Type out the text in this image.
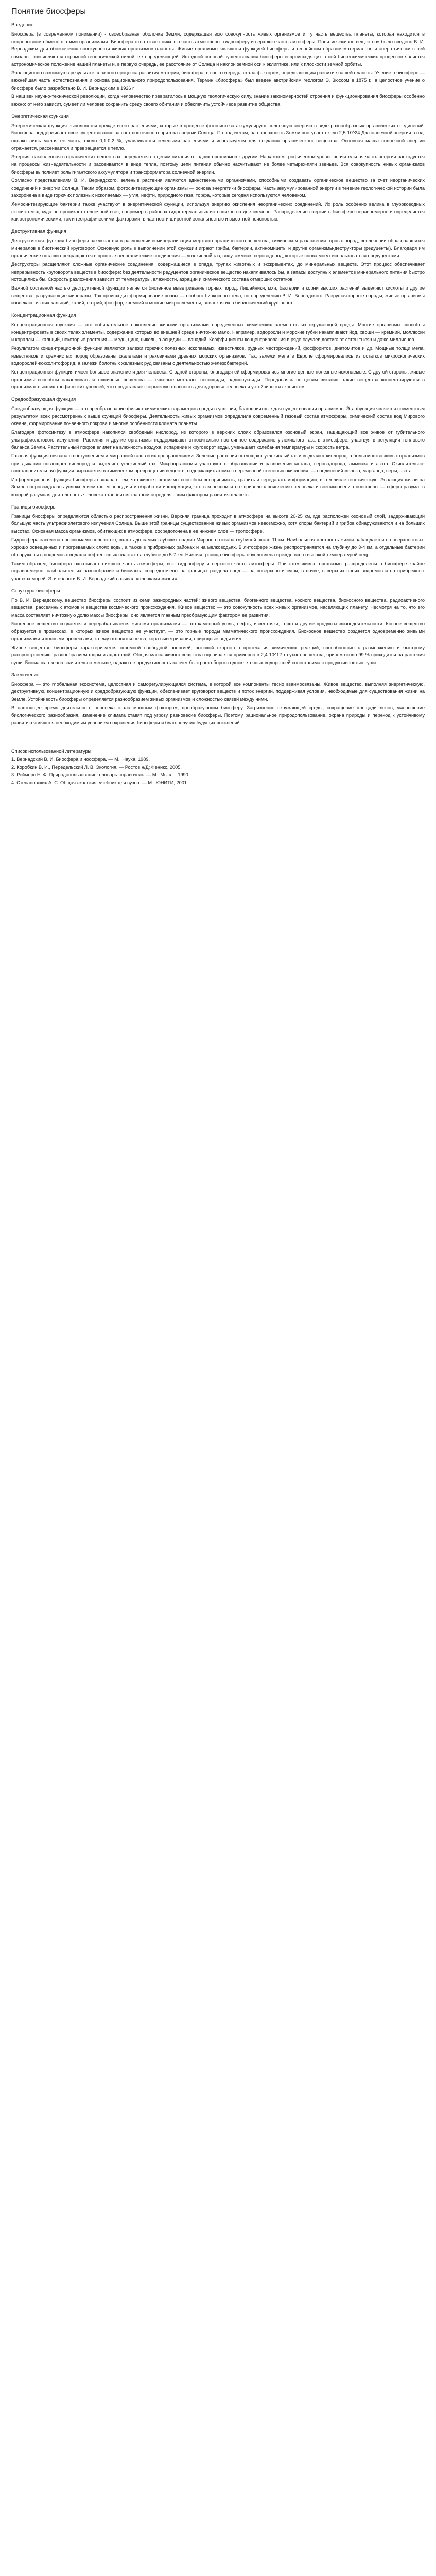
Понятие биосферы
Введение

Биосфера (в современном понимании) - своеобразная оболочка Земли, содержащая всю совокупность живых организмов и ту часть вещества планеты, которая находится в непрерывном обмене с этими организмами. Биосфера охватывает нижнюю часть атмосферы, гидросферу и верхнюю часть литосферы. Понятие «живое вещество» было введено В. И. Вернадским для обозначения совокупности живых организмов планеты. Живые организмы являются функцией биосферы и теснейшим образом материально и энергетически с ней связаны, они являются огромной геологической силой, ее определяющей. Исходной основой существования биосферы и происходящих в ней биогеохимических процессов является астрономическое положение нашей планеты и, в первую очередь, ее расстояние от Солнца и наклон земной оси к эклиптике, или к плоскости земной орбиты.

Эволюционно возникнув в результате сложного процесса развития материи, биосфера, в свою очередь, стала фактором, определяющим развитие нашей планеты. Учение о биосфере — важнейшая часть естествознания и основа рационального природопользования. Термин «биосфера» был введен австрийским геологом Э. Зюссом в 1875 г., а целостное учение о биосфере было разработано В. И. Вернадским в 1926 г.

В наш век научно-технической революции, когда человечество превратилось в мощную геологическую силу, знание закономерностей строения и функционирования биосферы особенно важно: от него зависит, сумеет ли человек сохранить среду своего обитания и обеспечить устойчивое развитие общества.

Энергетическая функция

Энергетическая функция выполняется прежде всего растениями, которые в процессе фотосинтеза аккумулируют солнечную энергию в виде разнообразных органических соединений. Биосфера поддерживает свое существование за счет постоянного притока энергии Солнца. По подсчетам, на поверхность Земли поступает около 2,5·10^24 Дж солнечной энергии в год, однако лишь малая ее часть, около 0,1-0,2 %, улавливается зелеными растениями и используется для создания органического вещества. Основная масса солнечной энергии отражается, рассеивается и превращается в тепло.

Энергия, накопленная в органических веществах, передается по цепям питания от одних организмов к другим. На каждом трофическом уровне значительная часть энергии расходуется на процессы жизнедеятельности и рассеивается в виде тепла, поэтому цепи питания обычно насчитывают не более четырех-пяти звеньев. Вся совокупность живых организмов биосферы выполняет роль гигантского аккумулятора и трансформатора солнечной энергии.

Согласно представлениям В. И. Вернадского, зеленые растения являются единственными организмами, способными создавать органическое вещество за счет неорганических соединений и энергии Солнца. Таким образом, фотосинтезирующие организмы — основа энергетики биосферы. Часть аккумулированной энергии в течение геологической истории была захоронена в виде горючих полезных ископаемых — угля, нефти, природного газа, торфа, которые сегодня используются человеком.

Хемосинтезирующие бактерии также участвуют в энергетической функции, используя энергию окисления неорганических соединений. Их роль особенно велика в глубоководных экосистемах, куда не проникает солнечный свет, например в районах гидротермальных источников на дне океанов. Распределение энергии в биосфере неравномерно и определяется как астрономическими, так и географическими факторами, в частности широтной зональностью и высотной поясностью.

Деструктивная функция

Деструктивная функция биосферы заключается в разложении и минерализации мертвого органического вещества, химическом разложении горных пород, вовлечении образовавшихся минералов в биотический круговорот. Основную роль в выполнении этой функции играют грибы, бактерии, актиномицеты и другие организмы-деструкторы (редуценты). Благодаря им органические остатки превращаются в простые неорганические соединения — углекислый газ, воду, аммиак, сероводород, которые снова могут использоваться продуцентами.

Деструкторы расщепляют сложные органические соединения, содержащиеся в опаде, трупах животных и экскрементах, до минеральных веществ. Этот процесс обеспечивает непрерывность круговорота веществ в биосфере: без деятельности редуцентов органическое вещество накапливалось бы, а запасы доступных элементов минерального питания быстро истощились бы. Скорость разложения зависит от температуры, влажности, аэрации и химического состава отмерших остатков.

Важной составной частью деструктивной функции является биогенное выветривание горных пород. Лишайники, мхи, бактерии и корни высших растений выделяют кислоты и другие вещества, разрушающие минералы. Так происходит формирование почвы — особого биокосного тела, по определению В. И. Вернадского. Разрушая горные породы, живые организмы извлекают из них кальций, калий, натрий, фосфор, кремний и многие микроэлементы, вовлекая их в биологический круговорот.

Концентрационная функция

Концентрационная функция — это избирательное накопление живыми организмами определенных химических элементов из окружающей среды. Многие организмы способны концентрировать в своих телах элементы, содержание которых во внешней среде ничтожно мало. Например, водоросли и морские губки накапливают йод, хвощи — кремний, моллюски и кораллы — кальций, некоторые растения — медь, цинк, никель, а асцидии — ванадий. Коэффициенты концентрирования в ряде случаев достигают сотен тысяч и даже миллионов.

Результатом концентрационной функции являются залежи горючих полезных ископаемых, известняков, рудных месторождений, фосфоритов, диатомитов и др. Мощные толщи мела, известняков и кремнистых пород образованы скелетами и раковинами древних морских организмов. Так, залежи мела в Европе сформировались из остатков микроскопических водорослей-кокколитофорид, а залежи болотных железных руд связаны с деятельностью железобактерий.

Концентрационная функция имеет большое значение и для человека. С одной стороны, благодаря ей сформировались многие ценные полезные ископаемые. С другой стороны, живые организмы способны накапливать и токсичные вещества — тяжелые металлы, пестициды, радионуклиды. Передаваясь по цепям питания, такие вещества концентрируются в организмах высших трофических уровней, что представляет серьезную опасность для здоровья человека и устойчивости экосистем.

Средообразующая функция

Средообразующая функция — это преобразование физико-химических параметров среды в условия, благоприятные для существования организмов. Эта функция является совместным результатом всех рассмотренных выше функций биосферы. Деятельность живых организмов определила современный газовый состав атмосферы, химический состав вод Мирового океана, формирование почвенного покрова и многие особенности климата планеты.

Благодаря фотосинтезу в атмосфере накопился свободный кислород, из которого в верхних слоях образовался озоновый экран, защищающий все живое от губительного ультрафиолетового излучения. Растения и другие организмы поддерживают относительно постоянное содержание углекислого газа в атмосфере, участвуя в регуляции теплового баланса Земли. Растительный покров влияет на влажность воздуха, испарение и круговорот воды, уменьшает колебания температуры и скорость ветра.

Газовая функция связана с поступлением и миграцией газов и их превращениями. Зеленые растения поглощают углекислый газ и выделяют кислород, а большинство живых организмов при дыхании поглощает кислород и выделяет углекислый газ. Микроорганизмы участвуют в образовании и разложении метана, сероводорода, аммиака и азота. Окислительно-восстановительная функция выражается в химическом превращении веществ, содержащих атомы с переменной степенью окисления, — соединений железа, марганца, серы, азота.

Информационная функция биосферы связана с тем, что живые организмы способны воспринимать, хранить и передавать информацию, в том числе генетическую. Эволюция жизни на Земле сопровождалась усложнением форм передачи и обработки информации, что в конечном итоге привело к появлению человека и возникновению ноосферы — сферы разума, в которой разумная деятельность человека становится главным определяющим фактором развития планеты.

Границы биосферы

Границы биосферы определяются областью распространения жизни. Верхняя граница проходит в атмосфере на высоте 20-25 км, где расположен озоновый слой, задерживающий большую часть ультрафиолетового излучения Солнца. Выше этой границы существование живых организмов невозможно, хотя споры бактерий и грибов обнаруживаются и на больших высотах. Основная масса организмов, обитающих в атмосфере, сосредоточена в ее нижнем слое — тропосфере.

Гидросфера заселена организмами полностью, вплоть до самых глубоких впадин Мирового океана глубиной около 11 км. Наибольшая плотность жизни наблюдается в поверхностных, хорошо освещенных и прогреваемых слоях воды, а также в прибрежных районах и на мелководьях. В литосфере жизнь распространяется на глубину до 3-4 км, а отдельные бактерии обнаружены в подземных водах и нефтеносных пластах на глубине до 5-7 км. Нижняя граница биосферы обусловлена прежде всего высокой температурой недр.

Таким образом, биосфера охватывает нижнюю часть атмосферы, всю гидросферу и верхнюю часть литосферы. При этом живые организмы распределены в биосфере крайне неравномерно: наибольшее их разнообразие и биомасса сосредоточены на границах раздела сред — на поверхности суши, в почве, в верхних слоях водоемов и на прибрежных участках морей. Эти области В. И. Вернадский называл «пленками жизни».

Структура биосферы

По В. И. Вернадскому, вещество биосферы состоит из семи разнородных частей: живого вещества, биогенного вещества, косного вещества, биокосного вещества, радиоактивного вещества, рассеянных атомов и вещества космического происхождения. Живое вещество — это совокупность всех живых организмов, населяющих планету. Несмотря на то, что его масса составляет ничтожную долю массы биосферы, оно является главным преобразующим фактором ее развития.

Биогенное вещество создается и перерабатывается живыми организмами — это каменный уголь, нефть, известняки, торф и другие продукты жизнедеятельности. Косное вещество образуется в процессах, в которых живое вещество не участвует, — это горные породы магматического происхождения. Биокосное вещество создается одновременно живыми организмами и косными процессами; к нему относятся почва, кора выветривания, природные воды и ил.

Живое вещество биосферы характеризуется огромной свободной энергией, высокой скоростью протекания химических реакций, способностью к размножению и быстрому распространению, разнообразием форм и адаптаций. Общая масса живого вещества оценивается примерно в 2,4·10^12 т сухого вещества, причем около 99 % приходится на растения суши. Биомасса океана значительно меньше, однако ее продуктивность за счет быстрого оборота одноклеточных водорослей сопоставима с продуктивностью суши.

Заключение

Биосфера — это глобальная экосистема, целостная и саморегулирующаяся система, в которой все компоненты тесно взаимосвязаны. Живое вещество, выполняя энергетическую, деструктивную, концентрационную и средообразующую функции, обеспечивает круговорот веществ и поток энергии, поддерживая условия, необходимые для существования жизни на Земле. Устойчивость биосферы определяется разнообразием живых организмов и сложностью связей между ними.

В настоящее время деятельность человека стала мощным фактором, преобразующим биосферу. Загрязнение окружающей среды, сокращение площади лесов, уменьшение биологического разнообразия, изменение климата ставят под угрозу равновесие биосферы. Поэтому рациональное природопользование, охрана природы и переход к устойчивому развитию являются необходимым условием сохранения биосферы и благополучия будущих поколений.

Список использованной литературы:
1. Вернадский В. И. Биосфера и ноосфера. — М.: Наука, 1989.
2. Коробкин В. И., Передельский Л. В. Экология. — Ростов н/Д: Феникс, 2005.
3. Реймерс Н. Ф. Природопользование: словарь-справочник. — М.: Мысль, 1990.
4. Степановских А. С. Общая экология: учебник для вузов. — М.: ЮНИТИ, 2001.
